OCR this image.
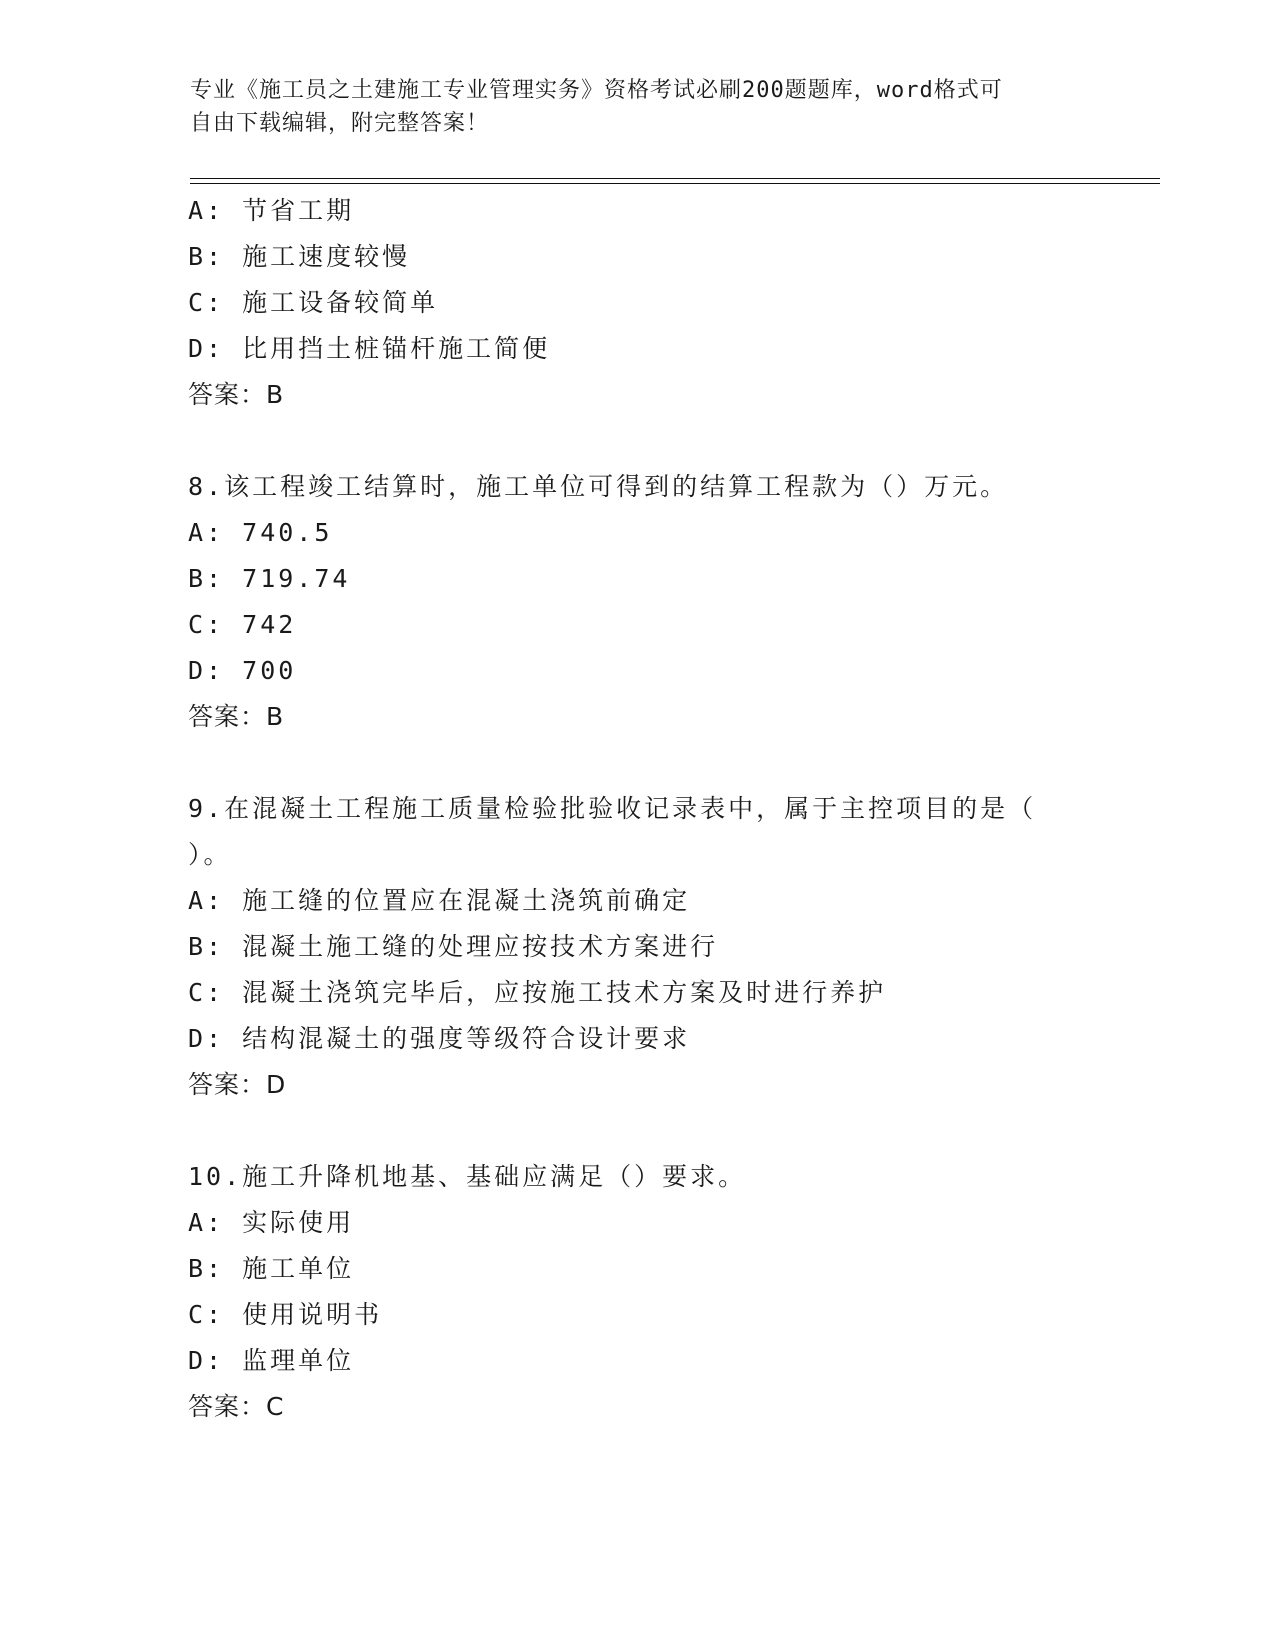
专业《施工员之土建施工专业管理实务》资格考试必刷200题题库，word格式可
自由下载编辑，附完整答案！
A: 节省工期
B: 施工速度较慢
C: 施工设备较简单
D: 比用挡土桩锚杆施工简便
答案：B
8.该工程竣工结算时，施工单位可得到的结算工程款为（）万元。
A: 740.5
B: 719.74
C: 742
D: 700
答案：B
9.在混凝土工程施工质量检验批验收记录表中，属于主控项目的是（
）。
A: 施工缝的位置应在混凝土浇筑前确定
B: 混凝土施工缝的处理应按技术方案进行
C: 混凝土浇筑完毕后，应按施工技术方案及时进行养护
D: 结构混凝土的强度等级符合设计要求
答案：D
10.施工升降机地基、基础应满足（）要求。
A: 实际使用
B: 施工单位
C: 使用说明书
D: 监理单位
答案：C
